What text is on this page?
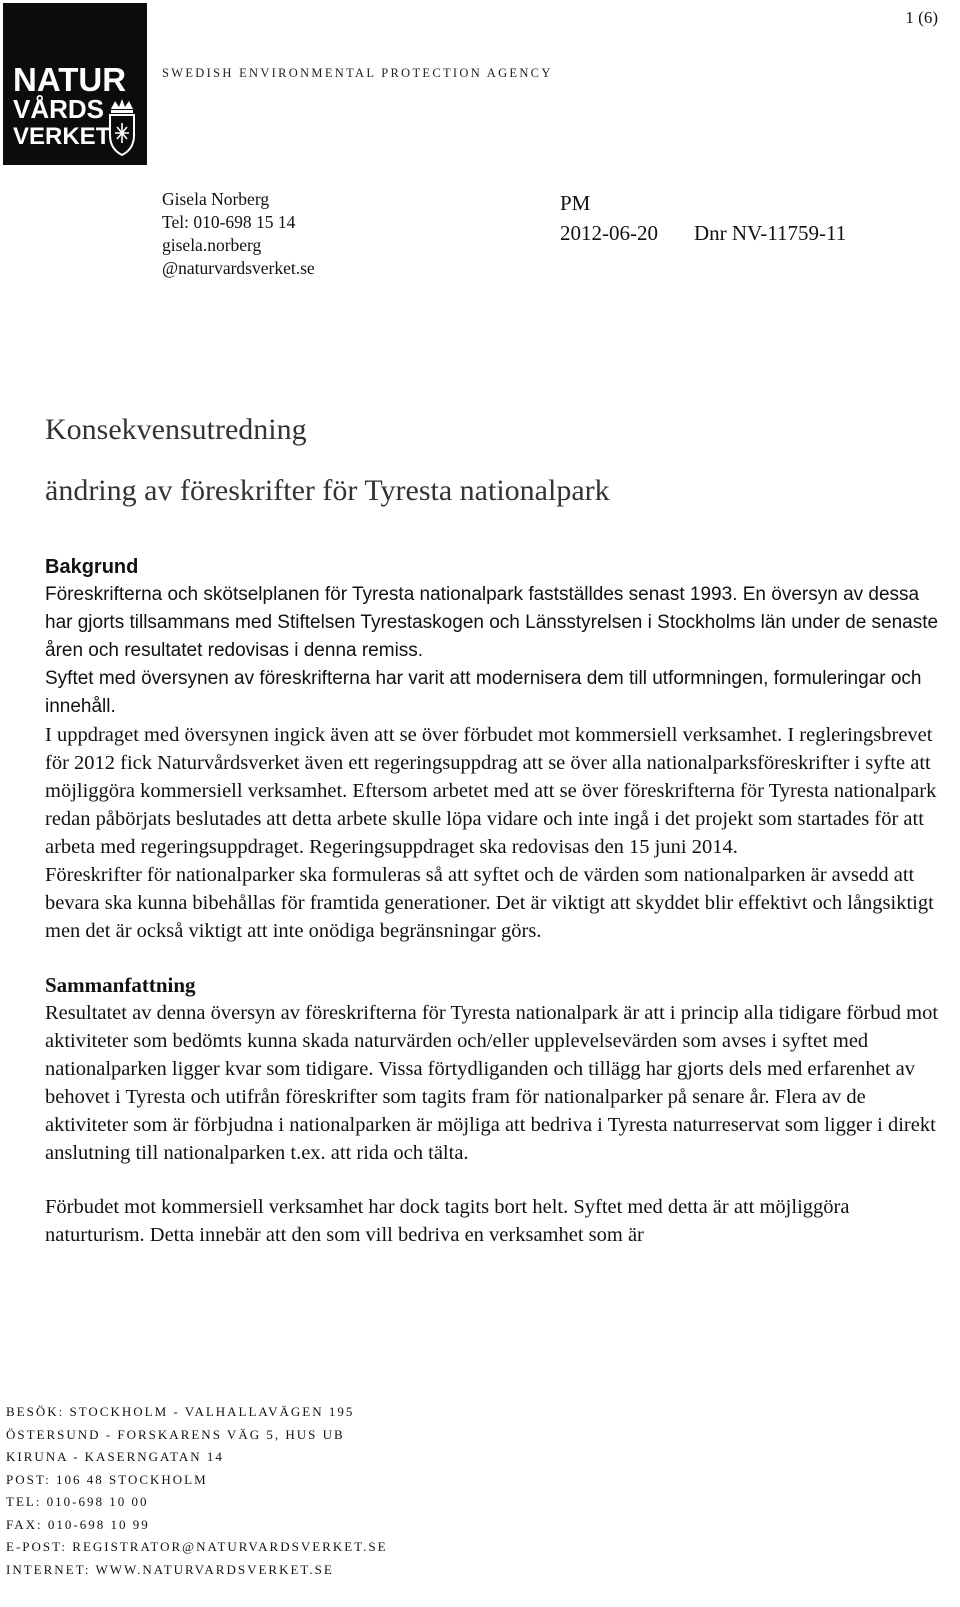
1 (6)
NATUR
VÅRDS
VERKET
SWEDISH ENVIRONMENTAL PROTECTION AGENCY
Gisela Norberg
Tel: 010-698 15 14
gisela.norberg
@naturvardsverket.se
PM
2012-06-20 Dnr NV-11759-11
Konsekvensutredning
ändring av föreskrifter för Tyresta nationalpark
Bakgrund

Föreskrifterna och skötselplanen för Tyresta nationalpark fastställdes senast 1993. En översyn av dessa har gjorts tillsammans med Stiftelsen Tyrestaskogen och Länsstyrelsen i Stockholms län under de senaste åren och resultatet redovisas i denna remiss.

Syftet med översynen av föreskrifterna har varit att modernisera dem till utformningen, formuleringar och innehåll.

I uppdraget med översynen ingick även att se över förbudet mot kommersiell verksamhet. I regleringsbrevet för 2012 fick Naturvårdsverket även ett regeringsuppdrag att se över alla nationalparksföreskrifter i syfte att möjliggöra kommersiell verksamhet. Eftersom arbetet med att se över föreskrifterna för Tyresta nationalpark redan påbörjats beslutades att detta arbete skulle löpa vidare och inte ingå i det projekt som startades för att arbeta med regeringsuppdraget. Regeringsuppdraget ska redovisas den 15 juni 2014.

Föreskrifter för nationalparker ska formuleras så att syftet och de värden som nationalparken är avsedd att bevara ska kunna bibehållas för framtida generationer. Det är viktigt att skyddet blir effektivt och långsiktigt men det är också viktigt att inte onödiga begränsningar görs.

Sammanfattning

Resultatet av denna översyn av föreskrifterna för Tyresta nationalpark är att i princip alla tidigare förbud mot aktiviteter som bedömts kunna skada naturvärden och/eller upplevelsevärden som avses i syftet med nationalparken ligger kvar som tidigare. Vissa förtydliganden och tillägg har gjorts dels med erfarenhet av behovet i Tyresta och utifrån föreskrifter som tagits fram för nationalparker på senare år. Flera av de aktiviteter som är förbjudna i nationalparken är möjliga att bedriva i Tyresta naturreservat som ligger i direkt anslutning till nationalparken t.ex. att rida och tälta.

Förbudet mot kommersiell verksamhet har dock tagits bort helt. Syftet med detta är att möjliggöra naturturism. Detta innebär att den som vill bedriva en verksamhet som är

BESÖK: STOCKHOLM - VALHALLAVÄGEN 195
ÖSTERSUND - FORSKARENS VÄG 5, HUS UB
KIRUNA - KASERNGATAN 14
POST: 106 48 STOCKHOLM
TEL: 010-698 10 00
FAX: 010-698 10 99
E-POST: REGISTRATOR@NATURVARDSVERKET.SE
INTERNET: WWW.NATURVARDSVERKET.SE
